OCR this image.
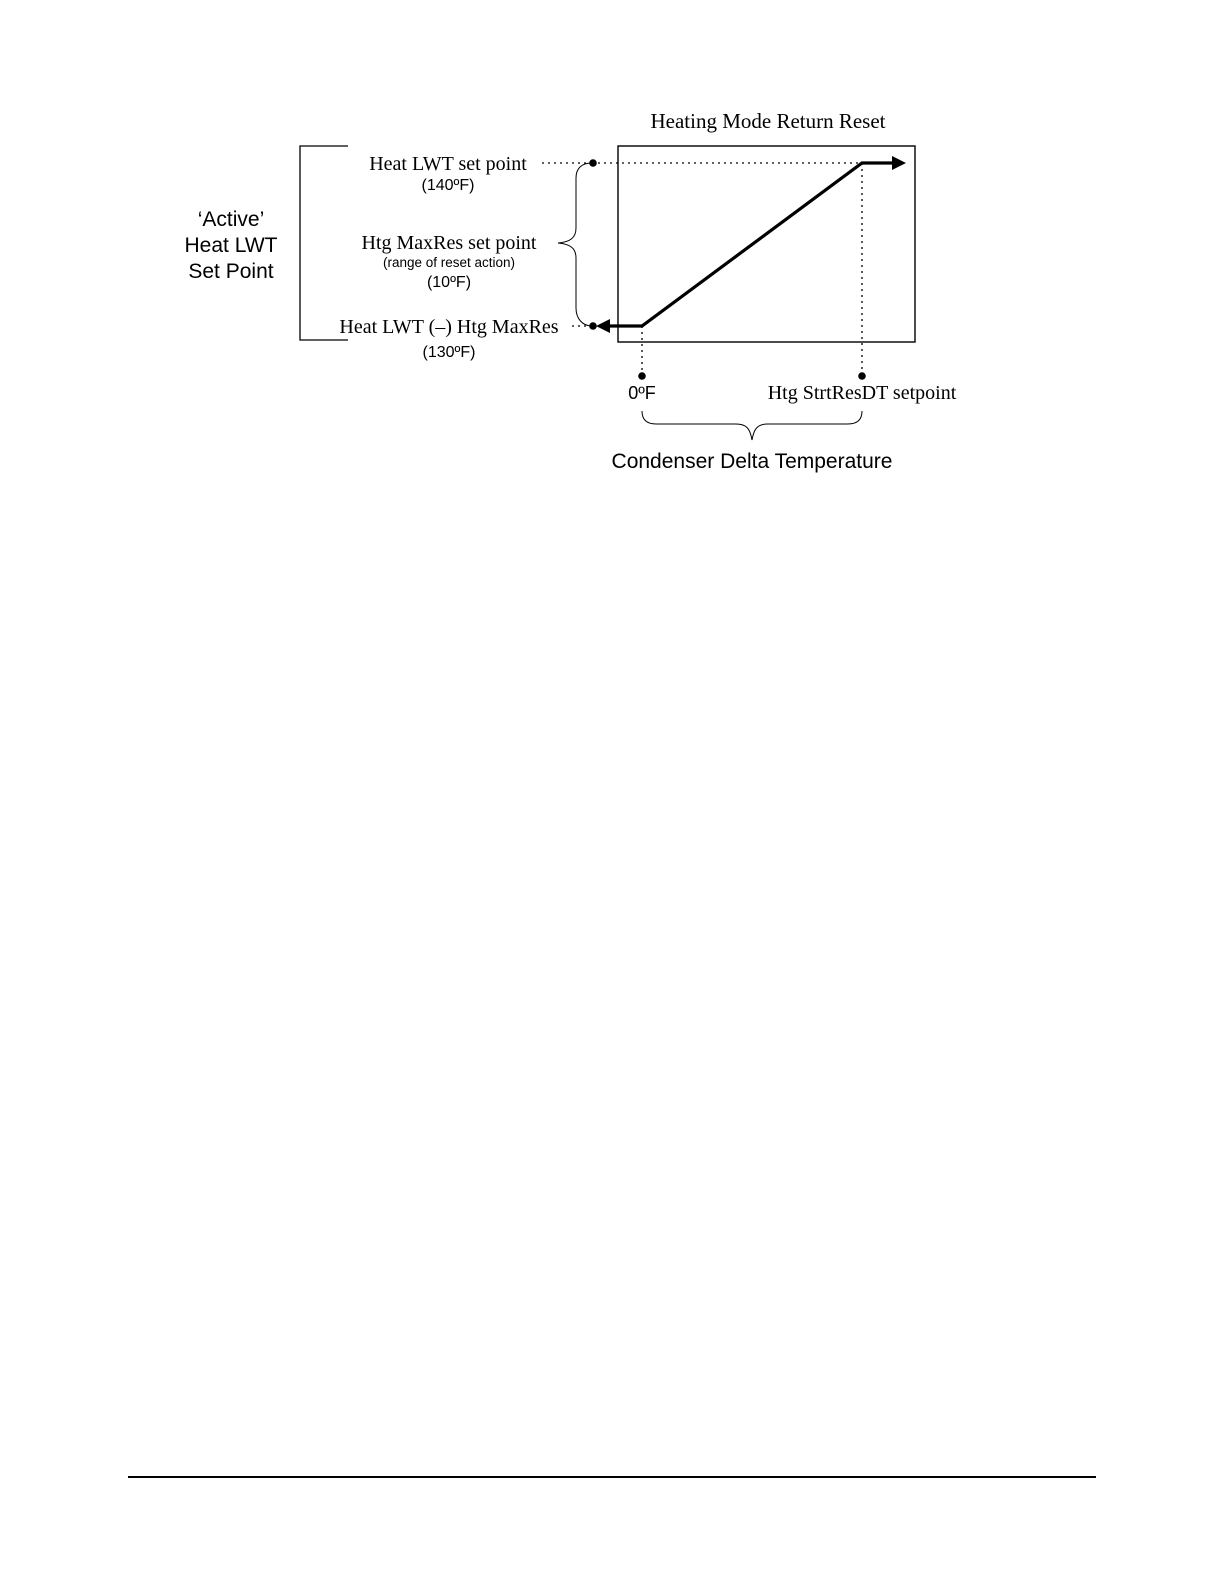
Heating Mode Return Reset
‘Active’
Heat LWT
Set Point
Heat LWT set point
(140ºF)
Htg MaxRes set point
(range of reset action)
(10ºF)
Heat LWT (–) Htg MaxRes
(130ºF)
0ºF	Htg StrtResDT setpoint
Condenser Delta Temperature
